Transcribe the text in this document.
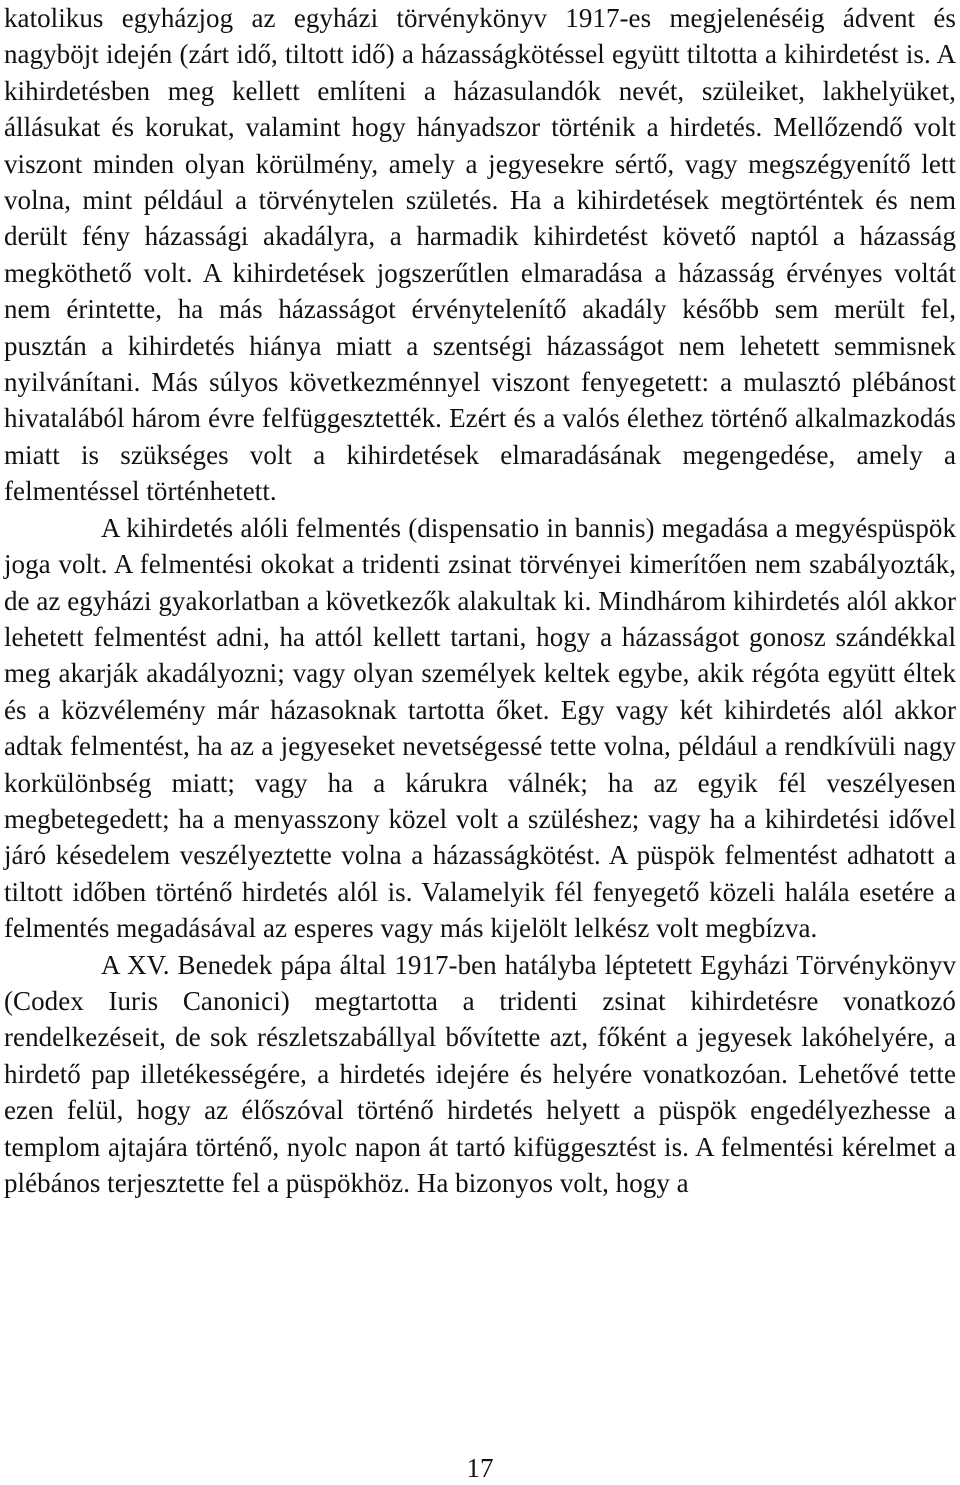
katolikus egyházjog az egyházi törvénykönyv 1917-es megjelenéséig ádvent és nagyböjt idején (zárt idő, tiltott idő) a házasságkötéssel együtt tiltotta a kihirdetést is. A kihirdetésben meg kellett említeni a házasulandók nevét, szüleiket, lakhelyüket, állásukat és korukat, valamint hogy hányadszor történik a hirdetés. Mellőzendő volt viszont minden olyan körülmény, amely a jegyesekre sértő, vagy megszégyenítő lett volna, mint például a törvénytelen születés. Ha a kihirdetések megtörténtek és nem derült fény házassági akadályra, a harmadik kihirdetést követő naptól a házasság megköthető volt. A kihirdetések jogszerűtlen elmaradása a házasság érvényes voltát nem érintette, ha más házasságot érvénytelenítő akadály később sem merült fel, pusztán a kihirdetés hiánya miatt a szentségi házasságot nem lehetett semmisnek nyilvánítani. Más súlyos következménnyel viszont fenyegetett: a mulasztó plébánost hivatalából három évre felfüggesztették. Ezért és a valós élethez történő alkalmazkodás miatt is szükséges volt a kihirdetések elmaradásának megengedése, amely a felmentéssel történhetett.

A kihirdetés alóli felmentés (dispensatio in bannis) megadása a megyéspüspök joga volt. A felmentési okokat a tridenti zsinat törvényei kimerítően nem szabályozták, de az egyházi gyakorlatban a következők alakultak ki. Mindhárom kihirdetés alól akkor lehetett felmentést adni, ha attól kellett tartani, hogy a házasságot gonosz szándékkal meg akarják akadályozni; vagy olyan személyek keltek egybe, akik régóta együtt éltek és a közvélemény már házasoknak tartotta őket. Egy vagy két kihirdetés alól akkor adtak felmentést, ha az a jegyeseket nevetségessé tette volna, például a rendkívüli nagy korkülönbség miatt; vagy ha a kárukra válnék; ha az egyik fél veszélyesen megbetegedett; ha a menyasszony közel volt a szüléshez; vagy ha a kihirdetési idővel járó késedelem veszélyeztette volna a házasságkötést. A püspök felmentést adhatott a tiltott időben történő hirdetés alól is. Valamelyik fél fenyegető közeli halála esetére a felmentés megadásával az esperes vagy más kijelölt lelkész volt megbízva.

A XV. Benedek pápa által 1917-ben hatályba léptetett Egyházi Törvénykönyv (Codex Iuris Canonici) megtartotta a tridenti zsinat kihirdetésre vonatkozó rendelkezéseit, de sok részletszabállyal bővítette azt, főként a jegyesek lakóhelyére, a hirdető pap illetékességére, a hirdetés idejére és helyére vonatkozóan. Lehetővé tette ezen felül, hogy az élőszóval történő hirdetés helyett a püspök engedélyezhesse a templom ajtajára történő, nyolc napon át tartó kifüggesztést is. A felmentési kérelmet a plébános terjesztette fel a püspökhöz. Ha bizonyos volt, hogy a

17
